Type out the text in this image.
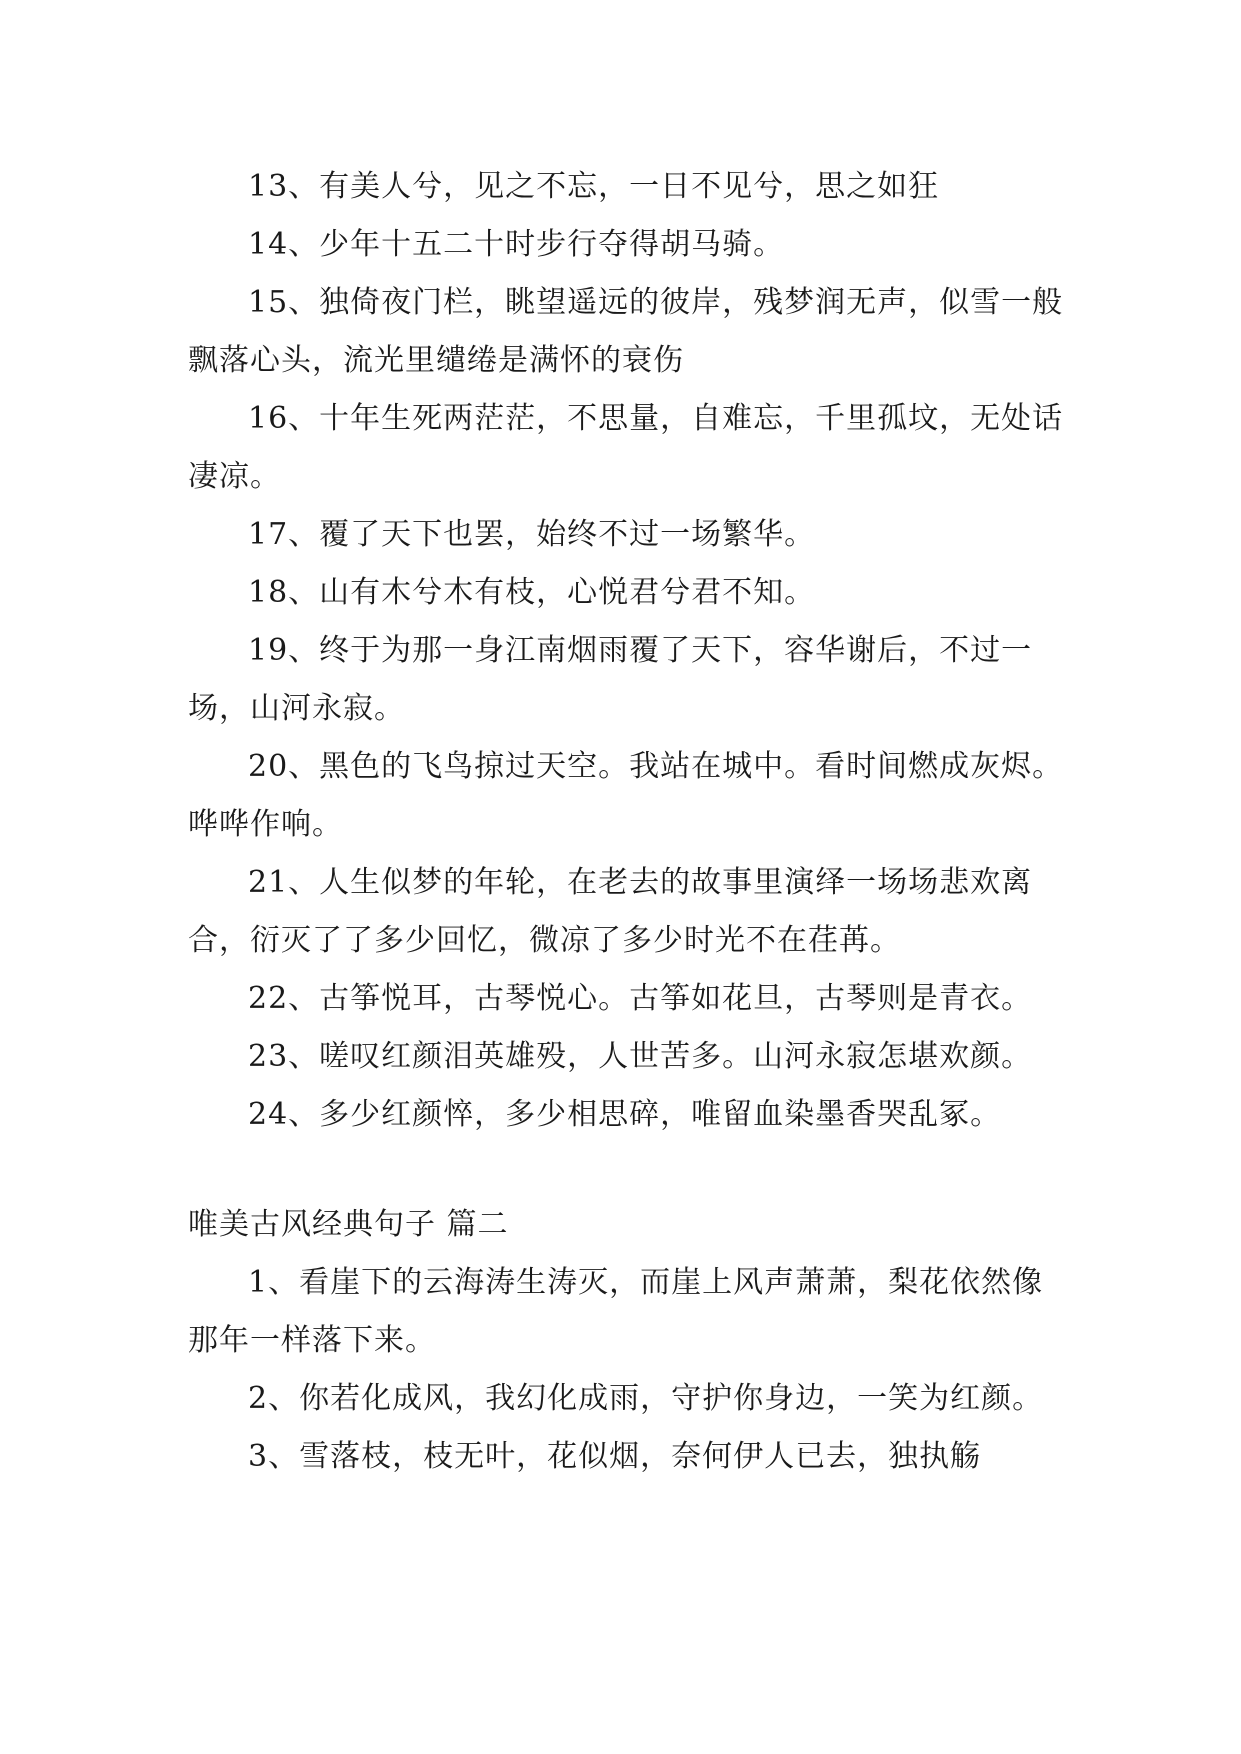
13、有美人兮，见之不忘，一日不见兮，思之如狂

14、少年十五二十时步行夺得胡马骑。

15、独倚夜门栏，眺望遥远的彼岸，残梦润无声，似雪一般飘落心头，流光里缱绻是满怀的衰伤

16、十年生死两茫茫，不思量，自难忘，千里孤坟，无处话凄凉。

17、覆了天下也罢，始终不过一场繁华。

18、山有木兮木有枝，心悦君兮君不知。

19、终于为那一身江南烟雨覆了天下，容华谢后，不过一场，山河永寂。

20、黑色的飞鸟掠过天空。我站在城中。看时间燃成灰烬。哗哗作响。

21、人生似梦的年轮，在老去的故事里演绎一场场悲欢离合，衍灭了了多少回忆，微凉了多少时光不在荏苒。

22、古筝悦耳，古琴悦心。古筝如花旦，古琴则是青衣。

23、嗟叹红颜泪英雄殁，人世苦多。山河永寂怎堪欢颜。

24、多少红颜悴，多少相思碎，唯留血染墨香哭乱冢。

唯美古风经典句子 篇二

1、看崖下的云海涛生涛灭，而崖上风声萧萧，梨花依然像那年一样落下来。

2、你若化成风，我幻化成雨，守护你身边，一笑为红颜。

3、雪落枝，枝无叶，花似烟，奈何伊人已去，独执觞
